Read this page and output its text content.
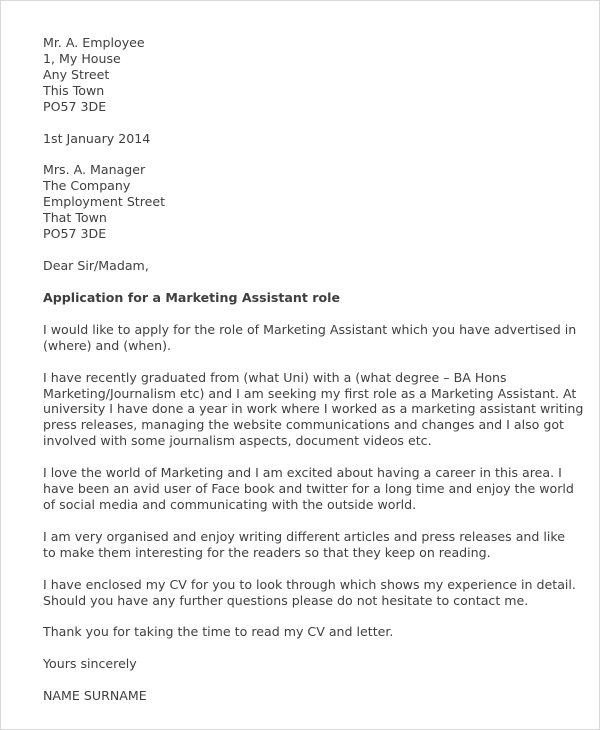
Mr. A. Employee
1, My House
Any Street
This Town
PO57 3DE
1st January 2014
Mrs. A. Manager
The Company
Employment Street
That Town
PO57 3DE
Dear Sir/Madam,
Application for a Marketing Assistant role
I would like to apply for the role of Marketing Assistant which you have advertised in
(where) and (when).
I have recently graduated from (what Uni) with a (what degree – BA Hons
Marketing/Journalism etc) and I am seeking my first role as a Marketing Assistant. At
university I have done a year in work where I worked as a marketing assistant writing
press releases, managing the website communications and changes and I also got
involved with some journalism aspects, document videos etc.
I love the world of Marketing and I am excited about having a career in this area. I
have been an avid user of Face book and twitter for a long time and enjoy the world
of social media and communicating with the outside world.
I am very organised and enjoy writing different articles and press releases and like
to make them interesting for the readers so that they keep on reading.
I have enclosed my CV for you to look through which shows my experience in detail.
Should you have any further questions please do not hesitate to contact me.
Thank you for taking the time to read my CV and letter.
Yours sincerely
NAME SURNAME
